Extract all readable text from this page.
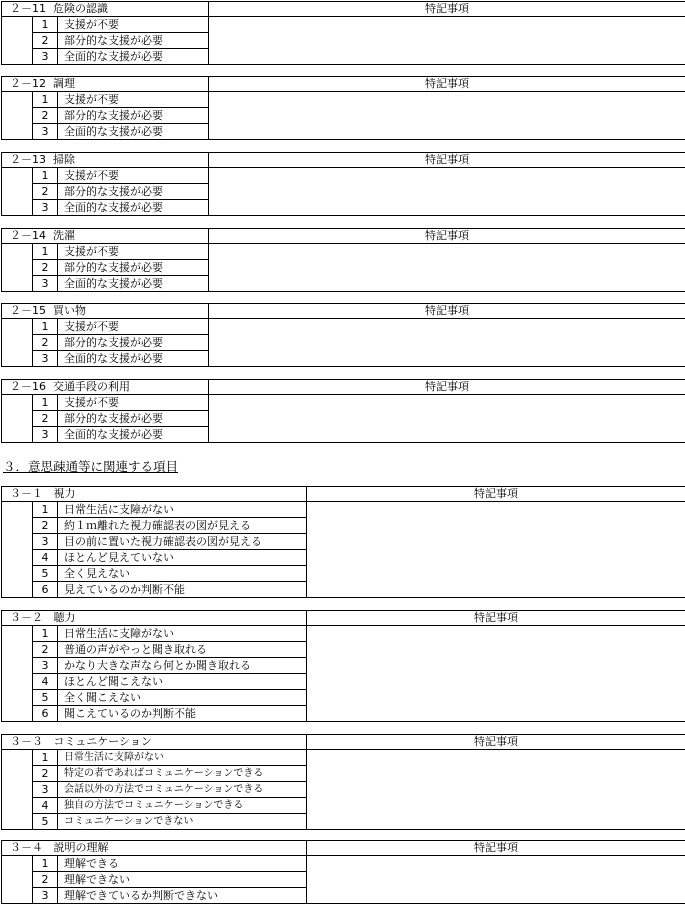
２－11 危険の認識			特記事項
	1	支援が不要	
	2	部分的な支援が必要	
	3	全面的な支援が必要	
２－12 調理			特記事項
	1	支援が不要	
	2	部分的な支援が必要	
	3	全面的な支援が必要	
２－13 掃除			特記事項
	1	支援が不要	
	2	部分的な支援が必要	
	3	全面的な支援が必要	
２－14 洗濯			特記事項
	1	支援が不要	
	2	部分的な支援が必要	
	3	全面的な支援が必要	
２－15 買い物			特記事項
	1	支援が不要	
	2	部分的な支援が必要	
	3	全面的な支援が必要	
２－16 交通手段の利用			特記事項
	1	支援が不要	
	2	部分的な支援が必要	
	3	全面的な支援が必要	
３．意思疎通等に関連する項目
３－１ 視力			特記事項
	1	日常生活に支障がない	
	2	約１ｍ離れた視力確認表の図が見える	
	3	目の前に置いた視力確認表の図が見える	
	4	ほとんど見えていない	
	5	全く見えない	
	6	見えているのか判断不能	
３－２ 聴力			特記事項
	1	日常生活に支障がない	
	2	普通の声がやっと聞き取れる	
	3	かなり大きな声なら何とか聞き取れる	
	4	ほとんど聞こえない	
	5	全く聞こえない	
	6	聞こえているのか判断不能	
３－３ コミュニケーション			特記事項
	1	日常生活に支障がない	
	2	特定の者であればコミュニケーションできる	
	3	会話以外の方法でコミュニケーションできる	
	4	独自の方法でコミュニケーションできる	
	5	コミュニケーションできない	
３－４ 説明の理解			特記事項
	1	理解できる	
	2	理解できない	
	3	理解できているか判断できない	
